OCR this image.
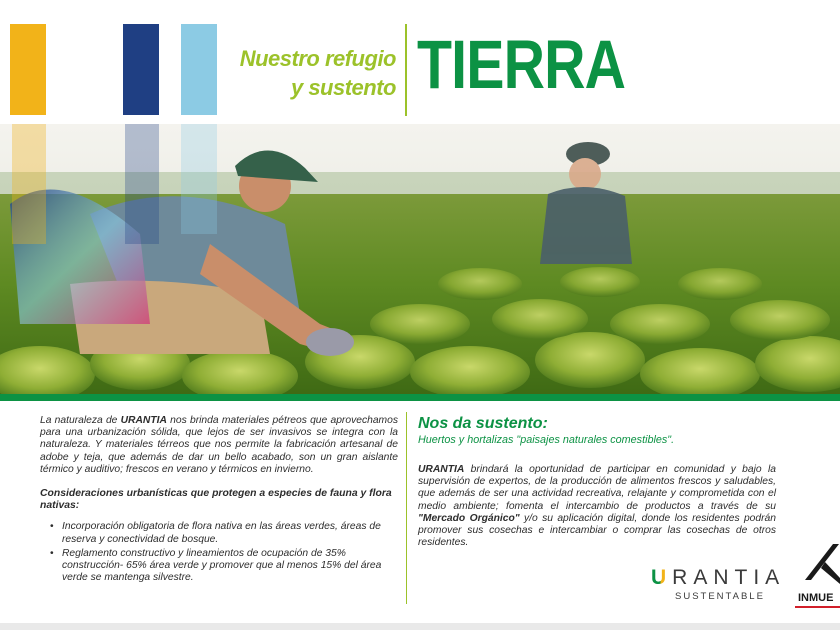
Nuestro refugio
y sustento TIERRA

La naturaleza de URANTIA nos brinda materiales pétreos que aprovechamos para una urbanización sólida, que lejos de ser invasivos se integra con la naturaleza. Y materiales térreos que nos permite la fabricación artesanal de adobe y teja, que además de dar un bello acabado, son un gran aislante térmico y auditivo; frescos en verano y térmicos en invierno.

Consideraciones urbanísticas que protegen a especies de fauna y flora nativas:

• Incorporación obligatoria de flora nativa en las áreas verdes, áreas de reserva y conectividad de bosque.
• Reglamento constructivo y lineamientos de ocupación de 35% construcción- 65% área verde y promover que al menos 15% del área verde se mantenga silvestre.
Nos da sustento:
Huertos y hortalizas "paisajes naturales comestibles".

URANTIA brindará la oportunidad de participar en comunidad y bajo la supervisión de expertos, de la producción de alimentos frescos y saludables, que además de ser una actividad recreativa, relajante y comprometida con el medio ambiente; fomenta el intercambio de productos a través de su "Mercado Orgánico" y/o su aplicación digital, donde los residentes podrán promover sus cosechas e intercambiar o comprar las cosechas de otros residentes.

URANTIA
SUSTENTABLE	INMUE
